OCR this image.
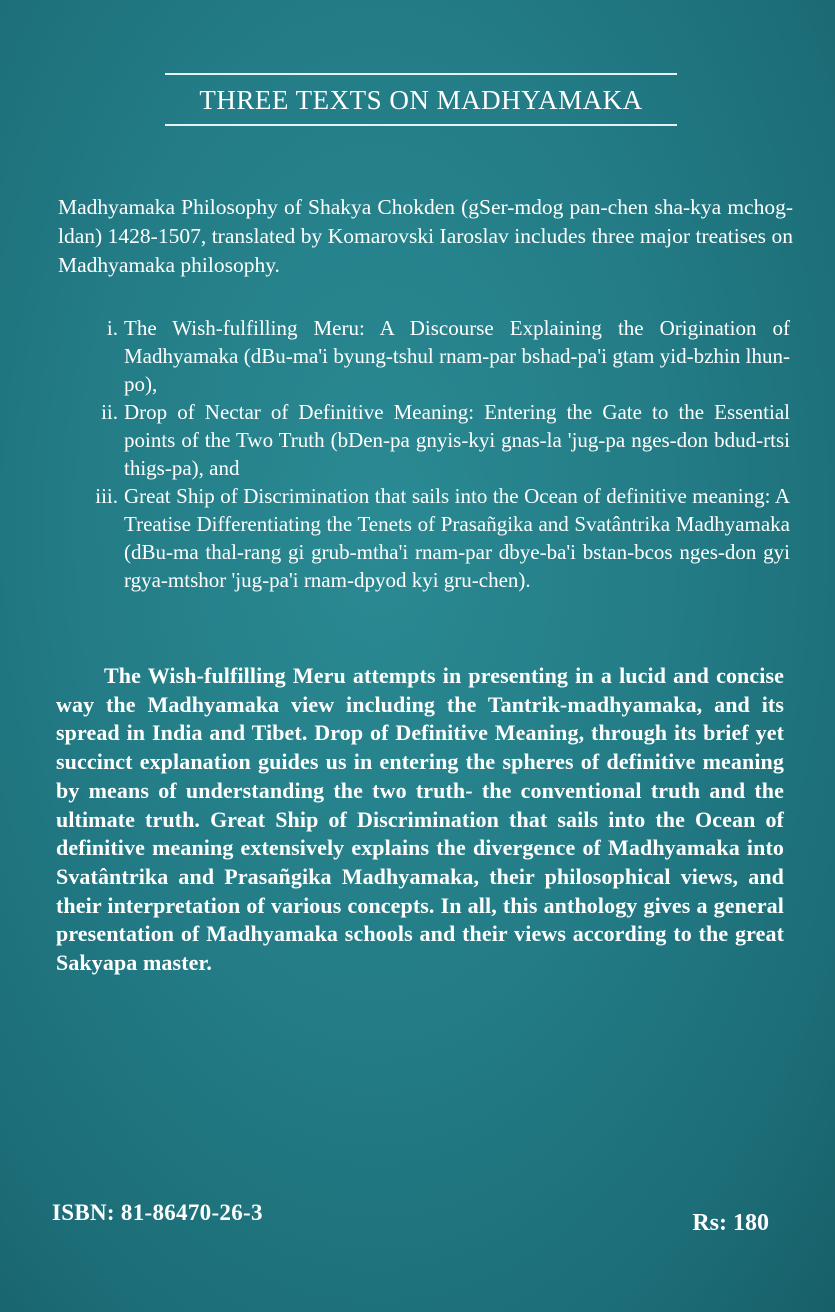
THREE TEXTS ON MADHYAMAKA

Madhyamaka Philosophy of Shakya Chokden (gSer-mdog pan-chen sha-kya mchog-ldan) 1428-1507, translated by Komarovski Iaroslav includes three major treatises on Madhyamaka philosophy.

i. The Wish-fulfilling Meru: A Discourse Explaining the Origination of Madhyamaka (dBu-ma'i byung-tshul rnam-par bshad-pa'i gtam yid-bzhin lhun-po),
ii. Drop of Nectar of Definitive Meaning: Entering the Gate to the Essential points of the Two Truth (bDen-pa gnyis-kyi gnas-la 'jug-pa nges-don bdud-rtsi thigs-pa), and
iii. Great Ship of Discrimination that sails into the Ocean of definitive meaning: A Treatise Differentiating the Tenets of Prasañgika and Svatântrika Madhyamaka (dBu-ma thal-rang gi grub-mtha'i rnam-par dbye-ba'i bstan-bcos nges-don gyi rgya-mtshor 'jug-pa'i rnam-dpyod kyi gru-chen).

The Wish-fulfilling Meru attempts in presenting in a lucid and concise way the Madhyamaka view including the Tantrik-madhyamaka, and its spread in India and Tibet. Drop of Definitive Meaning, through its brief yet succinct explanation guides us in entering the spheres of definitive meaning by means of understanding the two truth- the conventional truth and the ultimate truth. Great Ship of Discrimination that sails into the Ocean of definitive meaning extensively explains the divergence of Madhyamaka into Svatântrika and Prasañgika Madhyamaka, their philosophical views, and their interpretation of various concepts. In all, this anthology gives a general presentation of Madhyamaka schools and their views according to the great Sakyapa master.

ISBN: 81-86470-26-3	Rs: 180
